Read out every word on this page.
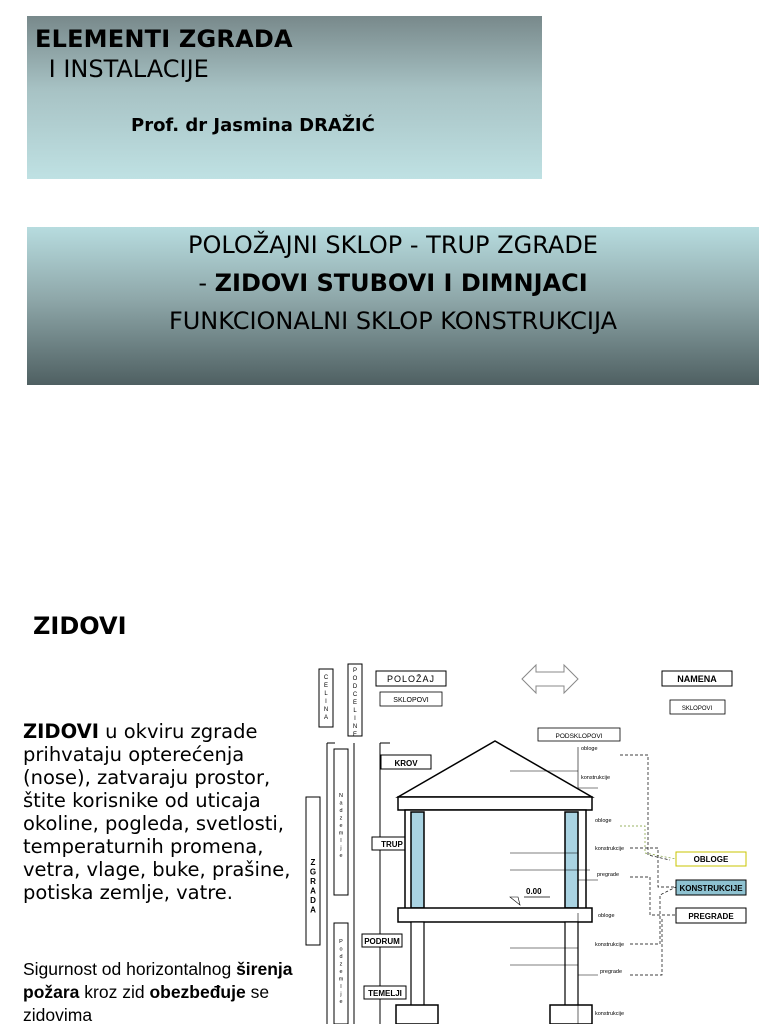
ELEMENTI ZGRADA
I INSTALACIJE
Prof. dr Jasmina DRAŽIĆ
POLOŽAJNI SKLOP - TRUP ZGRADE
- ZIDOVI STUBOVI I DIMNJACI
FUNKCIONALNI SKLOP KONSTRUKCIJA
ZIDOVI
ZIDOVI u okviru zgrade prihvataju opterećenja (nose), zatvaraju prostor, štite korisnike od uticaja okoline, pogleda, svetlosti, temperaturnih promena, vetra, vlage, buke, prašine, potiska zemlje, vatre.
Sigurnost od horizontalnog širenja požara kroz zid obezbeđuje se zidovima
C
E
L
I
N
A
P
O
D
C
E
L
I
N
E
Z
G
R
A
D
A
N
a
d
z
e
m
l
j
e
P
o
d
z
e
m
l
j
e
POLOŽAJ
SKLOPOVI
NAMENA
SKLOPOVI
PODSKLOPOVI
KROV
TRUP
PODRUM
TEMELJI
0.00
obloge
konstrukcije
obloge
konstrukcije
pregrade
obloge
konstrukcije
pregrade
konstrukcije
OBLOGE
KONSTRUKCIJE
PREGRADE
